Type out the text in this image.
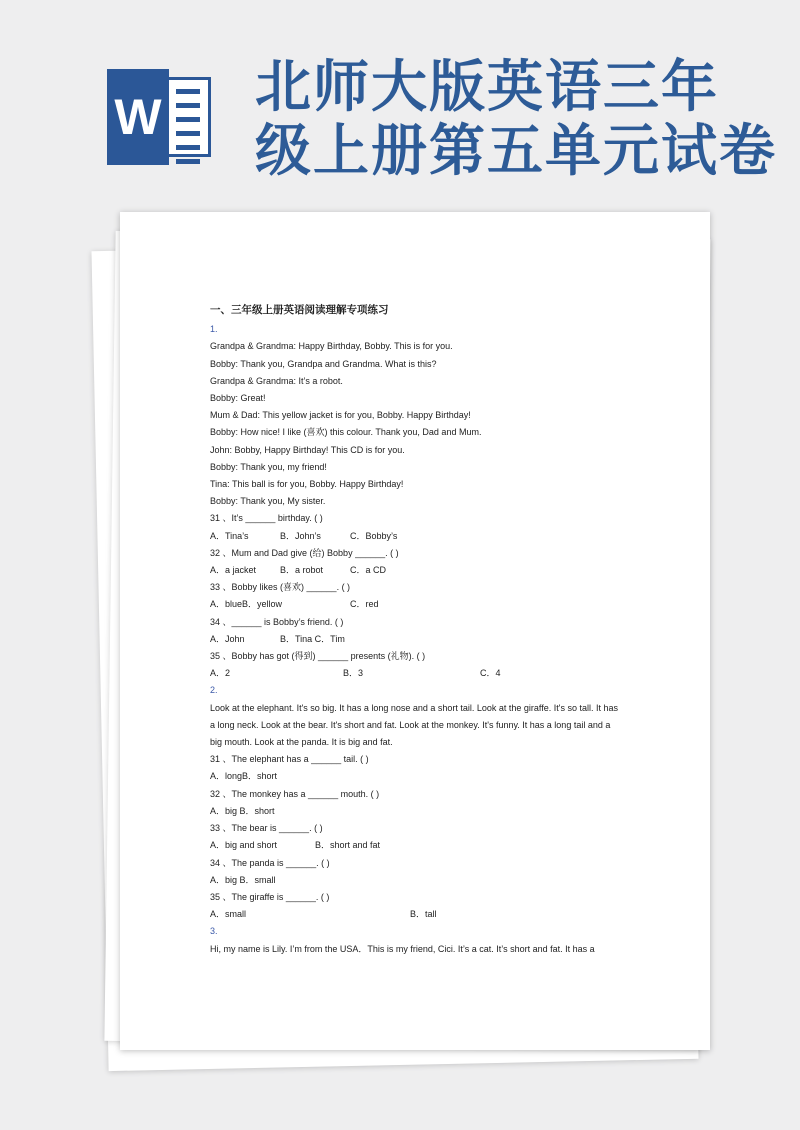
W 北师大版英语三年
级上册第五单元试卷
一、三年级上册英语阅读理解专项练习
1.
Grandpa & Grandma: Happy Birthday, Bobby. This is for you.
Bobby: Thank you, Grandpa and Grandma. What is this?
Grandpa & Grandma: It’s a robot.
Bobby: Great!
Mum & Dad: This yellow jacket is for you, Bobby. Happy Birthday!
Bobby: How nice! I like (喜欢) this colour. Thank you, Dad and Mum.
John: Bobby, Happy Birthday! This CD is for you.
Bobby: Thank you, my friend!
Tina: This ball is for you, Bobby. Happy Birthday!
Bobby: Thank you, My sister.
31 、It’s ______ birthday. ( )
A．Tina’s	B．John’s	C．Bobby’s
32 、Mum and Dad give (给) Bobby ______. ( )
A．a jacket	B．a robot	C．a CD
33 、Bobby likes (喜欢) ______. ( )
A．blueB．yellow	C．red
34 、______ is Bobby’s friend. ( )
A．John	B．Tina C．Tim
35 、Bobby has got (得到) ______ presents (礼物). ( )
A．2	B．3	C．4
2.
Look at the elephant. It's so big. It has a long nose and a short tail. Look at the giraffe. It's so tall. It has a long neck. Look at the bear. It's short and fat. Look at the monkey. It's funny. It has a long tail and a big mouth. Look at the panda. It is big and fat.
31 、The elephant has a ______ tail. ( )
A．longB．short
32 、The monkey has a ______ mouth. ( )
A．big B．short
33 、The bear is ______. ( )
A．big and short	B．short and fat
34 、The panda is ______. ( )
A．big B．small
35 、The giraffe is ______. ( )
A．small	B．tall
3.
Hi, my name is Lily. I’m from the USA．This is my friend, Cici. It’s a cat. It’s short and fat. It has a
